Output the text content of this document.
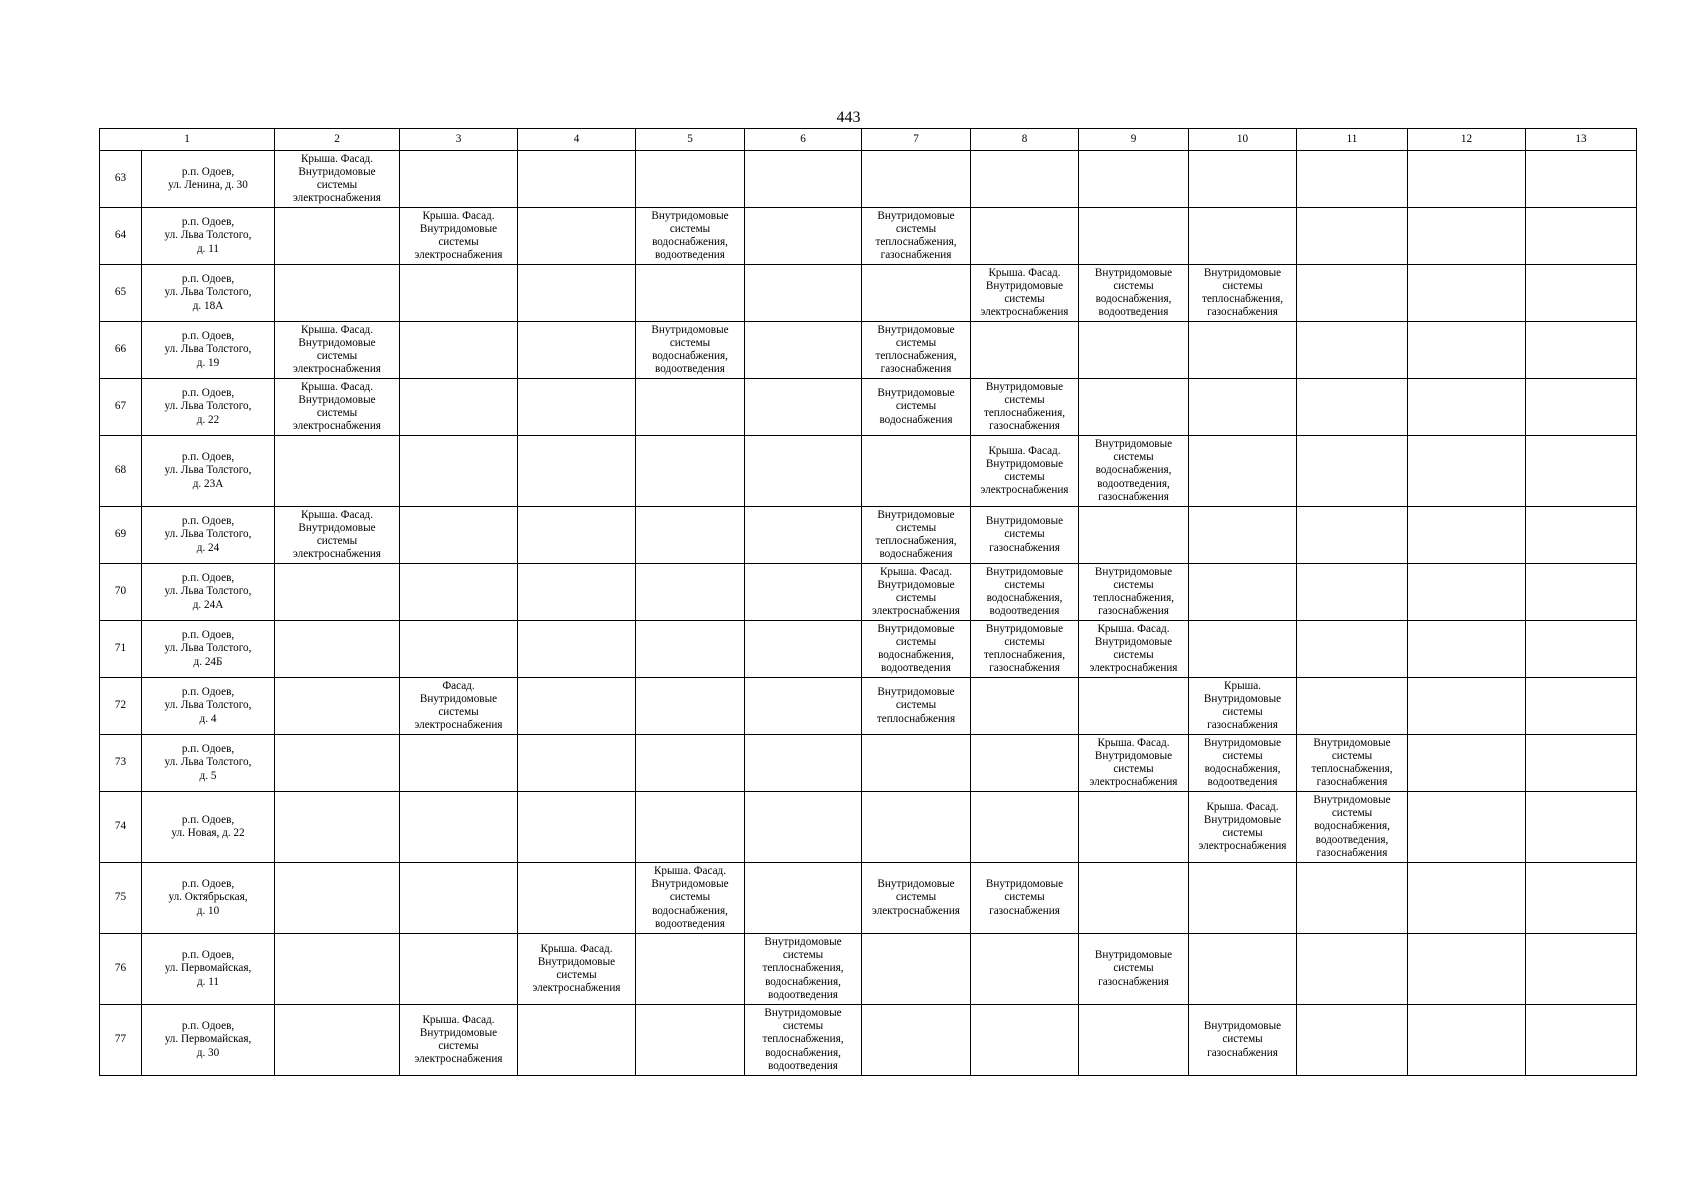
443
1		2	3	4	5	6	7	8	9	10	11	12	13
63	р.п. Одоев,
ул. Ленина, д. 30	Крыша. Фасад.
Внутридомовые
системы
электроснабжения											
64	р.п. Одоев,
ул. Льва Толстого,
д. 11		Крыша. Фасад.
Внутридомовые
системы
электроснабжения		Внутридомовые
системы
водоснабжения,
водоотведения		Внутридомовые
системы
теплоснабжения,
газоснабжения						
65	р.п. Одоев,
ул. Льва Толстого,
д. 18А							Крыша. Фасад.
Внутридомовые
системы
электроснабжения	Внутридомовые
системы
водоснабжения,
водоотведения	Внутридомовые
системы
теплоснабжения,
газоснабжения			
66	р.п. Одоев,
ул. Льва Толстого,
д. 19	Крыша. Фасад.
Внутридомовые
системы
электроснабжения			Внутридомовые
системы
водоснабжения,
водоотведения		Внутридомовые
системы
теплоснабжения,
газоснабжения						
67	р.п. Одоев,
ул. Льва Толстого,
д. 22	Крыша. Фасад.
Внутридомовые
системы
электроснабжения					Внутридомовые
системы
водоснабжения	Внутридомовые
системы
теплоснабжения,
газоснабжения					
68	р.п. Одоев,
ул. Льва Толстого,
д. 23А							Крыша. Фасад.
Внутридомовые
системы
электроснабжения	Внутридомовые
системы
водоснабжения,
водоотведения,
газоснабжения				
69	р.п. Одоев,
ул. Льва Толстого,
д. 24	Крыша. Фасад.
Внутридомовые
системы
электроснабжения					Внутридомовые
системы
теплоснабжения,
водоснабжения	Внутридомовые
системы
газоснабжения					
70	р.п. Одоев,
ул. Льва Толстого,
д. 24А						Крыша. Фасад.
Внутридомовые
системы
электроснабжения	Внутридомовые
системы
водоснабжения,
водоотведения	Внутридомовые
системы
теплоснабжения,
газоснабжения				
71	р.п. Одоев,
ул. Льва Толстого,
д. 24Б						Внутридомовые
системы
водоснабжения,
водоотведения	Внутридомовые
системы
теплоснабжения,
газоснабжения	Крыша. Фасад.
Внутридомовые
системы
электроснабжения				
72	р.п. Одоев,
ул. Льва Толстого,
д. 4		Фасад.
Внутридомовые
системы
электроснабжения				Внутридомовые
системы
теплоснабжения			Крыша.
Внутридомовые
системы
газоснабжения			
73	р.п. Одоев,
ул. Льва Толстого,
д. 5								Крыша. Фасад.
Внутридомовые
системы
электроснабжения	Внутридомовые
системы
водоснабжения,
водоотведения	Внутридомовые
системы
теплоснабжения,
газоснабжения		
74	р.п. Одоев,
ул. Новая, д. 22									Крыша. Фасад.
Внутридомовые
системы
электроснабжения	Внутридомовые
системы
водоснабжения,
водоотведения,
газоснабжения		
75	р.п. Одоев,
ул. Октябрьская,
д. 10				Крыша. Фасад.
Внутридомовые
системы
водоснабжения,
водоотведения		Внутридомовые
системы
электроснабжения	Внутридомовые
системы
газоснабжения					
76	р.п. Одоев,
ул. Первомайская,
д. 11			Крыша. Фасад.
Внутридомовые
системы
электроснабжения		Внутридомовые
системы
теплоснабжения,
водоснабжения,
водоотведения			Внутридомовые
системы
газоснабжения				
77	р.п. Одоев,
ул. Первомайская,
д. 30		Крыша. Фасад.
Внутридомовые
системы
электроснабжения			Внутридомовые
системы
теплоснабжения,
водоснабжения,
водоотведения				Внутридомовые
системы
газоснабжения			
